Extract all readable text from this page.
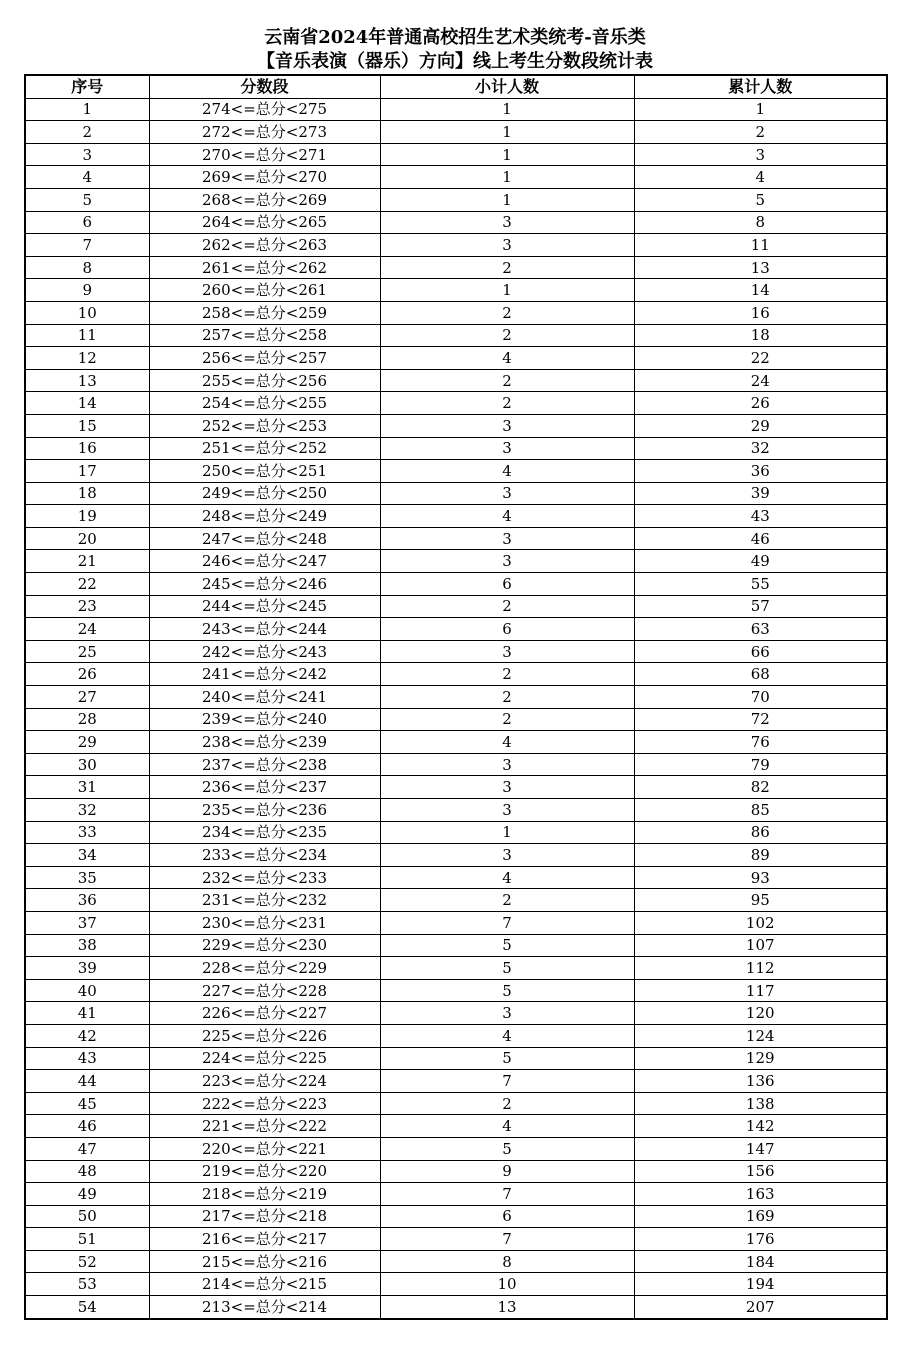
云南省2024年普通高校招生艺术类统考-音乐类
【音乐表演（器乐）方向】线上考生分数段统计表
序号	分数段	小计人数	累计人数
1	274<=总分<275	1	1
2	272<=总分<273	1	2
3	270<=总分<271	1	3
4	269<=总分<270	1	4
5	268<=总分<269	1	5
6	264<=总分<265	3	8
7	262<=总分<263	3	11
8	261<=总分<262	2	13
9	260<=总分<261	1	14
10	258<=总分<259	2	16
11	257<=总分<258	2	18
12	256<=总分<257	4	22
13	255<=总分<256	2	24
14	254<=总分<255	2	26
15	252<=总分<253	3	29
16	251<=总分<252	3	32
17	250<=总分<251	4	36
18	249<=总分<250	3	39
19	248<=总分<249	4	43
20	247<=总分<248	3	46
21	246<=总分<247	3	49
22	245<=总分<246	6	55
23	244<=总分<245	2	57
24	243<=总分<244	6	63
25	242<=总分<243	3	66
26	241<=总分<242	2	68
27	240<=总分<241	2	70
28	239<=总分<240	2	72
29	238<=总分<239	4	76
30	237<=总分<238	3	79
31	236<=总分<237	3	82
32	235<=总分<236	3	85
33	234<=总分<235	1	86
34	233<=总分<234	3	89
35	232<=总分<233	4	93
36	231<=总分<232	2	95
37	230<=总分<231	7	102
38	229<=总分<230	5	107
39	228<=总分<229	5	112
40	227<=总分<228	5	117
41	226<=总分<227	3	120
42	225<=总分<226	4	124
43	224<=总分<225	5	129
44	223<=总分<224	7	136
45	222<=总分<223	2	138
46	221<=总分<222	4	142
47	220<=总分<221	5	147
48	219<=总分<220	9	156
49	218<=总分<219	7	163
50	217<=总分<218	6	169
51	216<=总分<217	7	176
52	215<=总分<216	8	184
53	214<=总分<215	10	194
54	213<=总分<214	13	207
